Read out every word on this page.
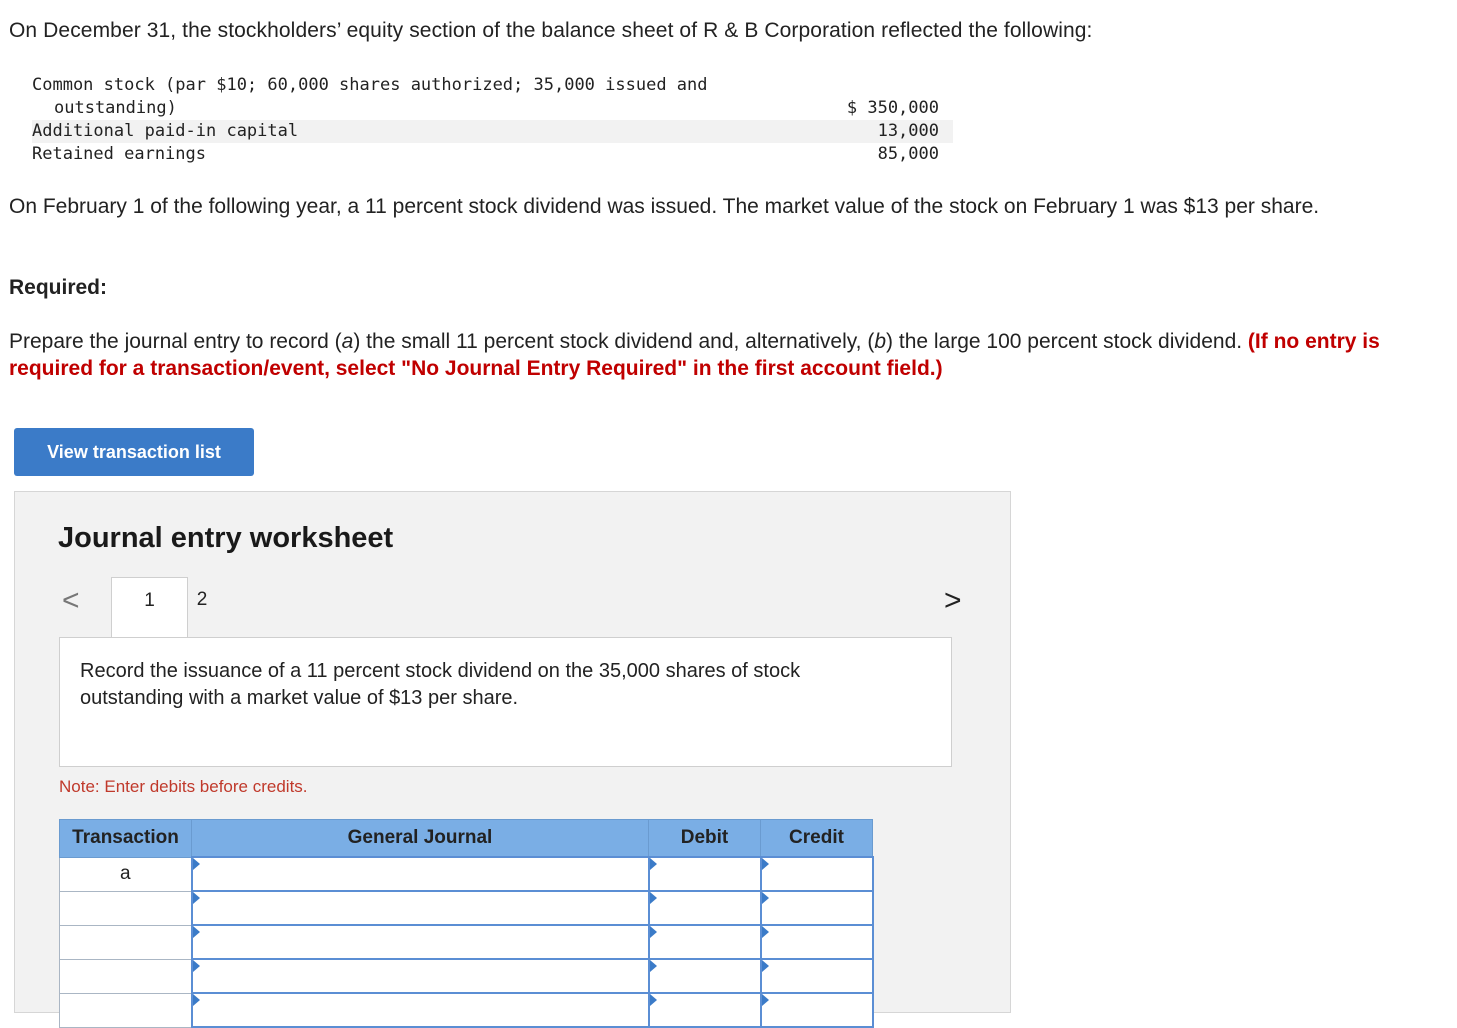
On December 31, the stockholders’ equity section of the balance sheet of R & B Corporation reflected the following:
Common stock (par $10; 60,000 shares authorized; 35,000 issued and
outstanding)	$ 350,000
Additional paid-in capital	13,000
Retained earnings	85,000
On February 1 of the following year, a 11 percent stock dividend was issued. The market value of the stock on February 1 was $13 per share.
Required:
Prepare the journal entry to record (a) the small 11 percent stock dividend and, alternatively, (b) the large 100 percent stock dividend. (If no entry is required for a transaction/event, select "No Journal Entry Required" in the first account field.)
View transaction list
Journal entry worksheet
<	>
1	2
Record the issuance of a 11 percent stock dividend on the 35,000 shares of stock outstanding with a market value of $13 per share.
Note: Enter debits before credits.
Transaction	General Journal	Debit	Credit
a	
